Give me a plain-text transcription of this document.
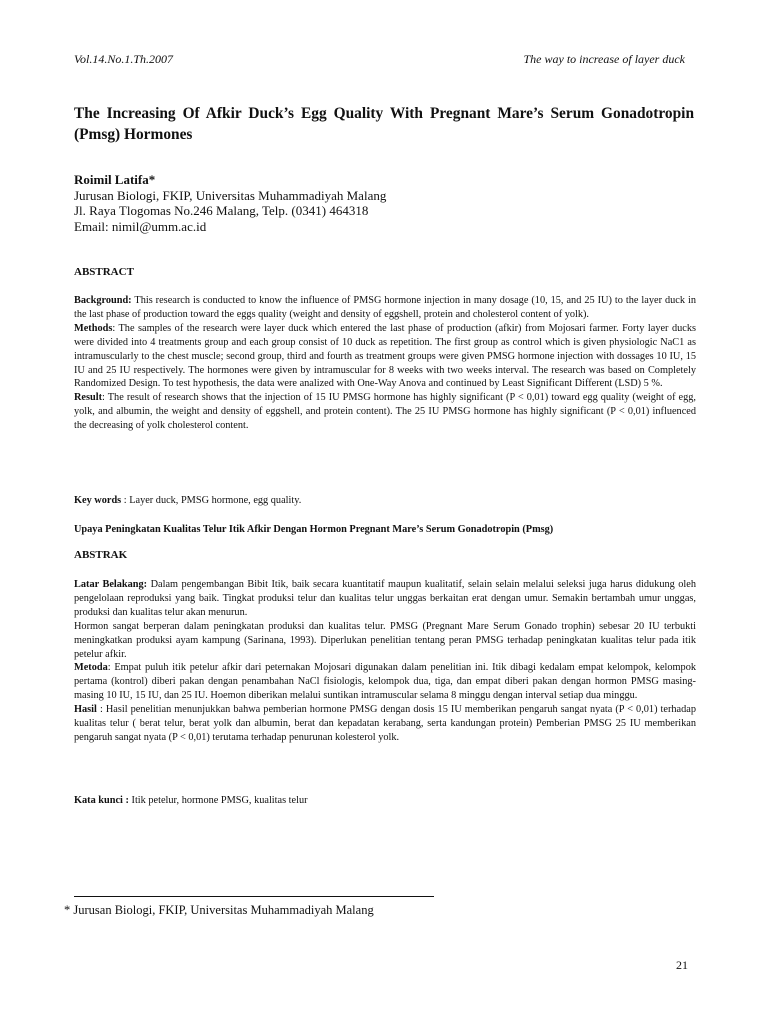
Vol.14.No.1.Th.2007	The way to increase of layer duck
The Increasing Of Afkir Duck’s Egg Quality With Pregnant Mare’s Serum Gonadotropin (Pmsg) Hormones
Roimil Latifa*
Jurusan Biologi, FKIP, Universitas Muhammadiyah Malang
Jl. Raya Tlogomas No.246 Malang, Telp. (0341) 464318
Email: nimil@umm.ac.id
ABSTRACT
Background: This research is conducted to know the influence of PMSG hormone injection in many dosage (10, 15, and 25 IU) to the layer duck in the last phase of production toward the eggs quality (weight and density of eggshell, protein and cholesterol content of yolk).
Methods: The samples of the research were layer duck which entered the last phase of production (afkir) from Mojosari farmer. Forty layer ducks were divided into 4 treatments group and each group consist of 10 duck as repetition. The first group as control which is given physiologic NaC1 as intramuscularly to the chest muscle; second group, third and fourth as treatment groups were given PMSG hormone injection with dossages 10 IU, 15 IU and 25 IU respectively. The hormones were given by intramuscular for 8 weeks with two weeks interval. The research was based on Completely Randomized Design. To test hypothesis, the data were analized with One-Way Anova and continued by Least Significant Different (LSD) 5 %.
Result: The result of research shows that the injection of 15 IU PMSG hormone has highly significant (P < 0,01) toward egg quality (weight of egg, yolk, and albumin, the weight and density of eggshell, and protein content). The 25 IU PMSG hormone has highly significant (P < 0,01) influenced the decreasing of yolk cholesterol content.
Key words : Layer duck, PMSG hormone, egg quality.
Upaya Peningkatan Kualitas Telur Itik Afkir Dengan Hormon Pregnant Mare’s Serum Gonadotropin (Pmsg)
ABSTRAK
Latar Belakang: Dalam pengembangan Bibit Itik, baik secara kuantitatif maupun kualitatif, selain selain melalui seleksi juga harus didukung oleh pengelolaan reproduksi yang baik. Tingkat produksi telur dan kualitas telur unggas berkaitan erat dengan umur. Semakin bertambah umur unggas, produksi dan kualitas telur akan menurun.
Hormon sangat berperan dalam peningkatan produksi dan kualitas telur. PMSG (Pregnant Mare Serum Gonado trophin) sebesar 20 IU terbukti meningkatkan produksi ayam kampung (Sarinana, 1993). Diperlukan penelitian tentang peran PMSG terhadap peningkatan kualitas telur pada itik petelur afkir.
Metoda: Empat puluh itik petelur afkir dari peternakan Mojosari digunakan dalam penelitian ini. Itik dibagi kedalam empat kelompok, kelompok pertama (kontrol) diberi pakan dengan penambahan NaCl fisiologis, kelompok dua, tiga, dan empat diberi pakan dengan hormon PMSG masing-masing 10 IU, 15 IU, dan 25 IU. Hoemon diberikan melalui suntikan intramuscular selama 8 minggu dengan interval setiap dua minggu.
Hasil : Hasil penelitian menunjukkan bahwa pemberian hormone PMSG dengan dosis 15 IU memberikan pengaruh sangat nyata (P < 0,01) terhadap kualitas telur ( berat telur, berat yolk dan albumin, berat dan kepadatan kerabang, serta kandungan protein) Pemberian PMSG 25 IU memberikan pengaruh sangat nyata (P < 0,01) terutama terhadap penurunan kolesterol yolk.
Kata kunci : Itik petelur, hormone PMSG, kualitas telur
* Jurusan Biologi, FKIP, Universitas Muhammadiyah Malang
21
